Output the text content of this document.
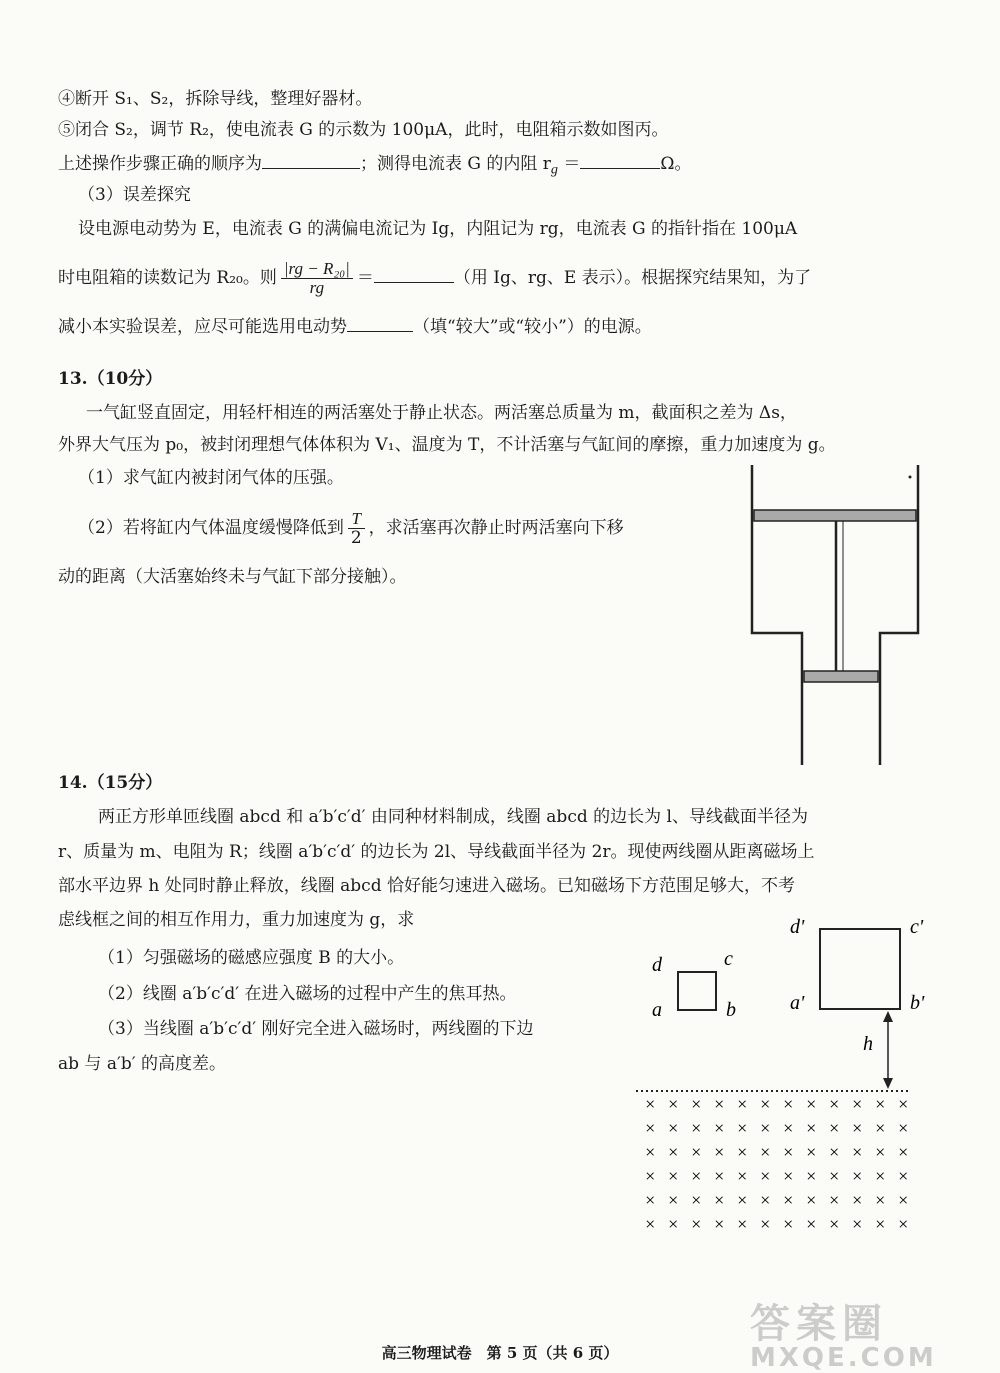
④断开 S₁、S₂，拆除导线，整理好器材。
⑤闭合 S₂，调节 R₂，使电流表 G 的示数为 100μA，此时，电阻箱示数如图丙。
上述操作步骤正确的顺序为	；测得电流表 G 的内阻 $r_g$ ＝	Ω。
（3）误差探究
设电源电动势为 E，电流表 G 的满偏电流记为 Ig，内阻记为 rg，电流表 G 的指针指在 100μA
时电阻箱的读数记为 R₂₀。则 $\frac{\text{|rg − R₂₀|}}{rg}$ ＝	（用 Ig、rg、E 表示）。根据探究结果知，为了
减小本实验误差，应尽可能选用电动势	（填“较大”或“较小”）的电源。
13.（10分）
一气缸竖直固定，用轻杆相连的两活塞处于静止状态。两活塞总质量为 m，截面积之差为 Δs，
外界大气压为 p₀，被封闭理想气体体积为 V₁、温度为 T，不计活塞与气缸间的摩擦，重力加速度为 g。
（1）求气缸内被封闭气体的压强。
（2）若将缸内气体温度缓慢降低到 $\frac{T}{2}$ ，求活塞再次静止时两活塞向下移
动的距离（大活塞始终未与气缸下部分接触）。
14.（15分）
两正方形单匝线圈 abcd 和 a′b′c′d′ 由同种材料制成，线圈 abcd 的边长为 l、导线截面半径为
r、质量为 m、电阻为 R；线圈 a′b′c′d′ 的边长为 2l、导线截面半径为 2r。现使两线圈从距离磁场上
部水平边界 h 处同时静止释放，线圈 abcd 恰好能匀速进入磁场。已知磁场下方范围足够大，不考
虑线框之间的相互作用力，重力加速度为 g，求
（1）匀强磁场的磁感应强度 B 的大小。
（2）线圈 a′b′c′d′ 在进入磁场的过程中产生的焦耳热。
（3）当线圈 a′b′c′d′ 刚好完全进入磁场时，两线圈的下边
ab 与 a′b′ 的高度差。
d	c
a	b
d'	c'
a'	b'
h
× × × × × × × × × × × ×
× × × × × × × × × × × ×
× × × × × × × × × × × ×
× × × × × × × × × × × ×
× × × × × × × × × × × ×
× × × × × × × × × × × ×
高三物理试卷　第 5 页（共 6 页）
答案圈
MXQE.COM
